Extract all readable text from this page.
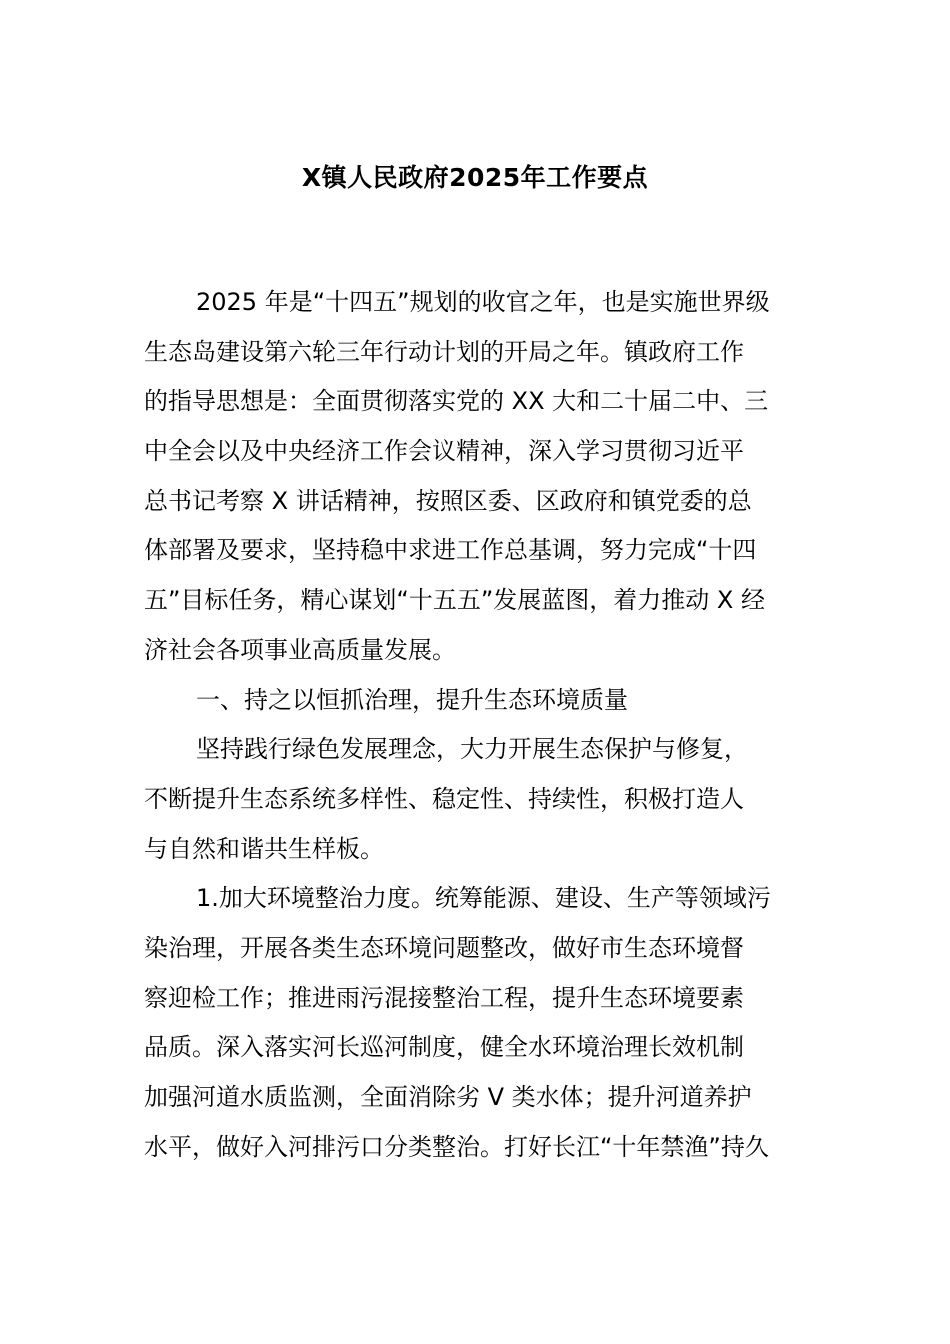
X镇人民政府2025年工作要点
2025 年是“十四五”规划的收官之年，也是实施世界级
生态岛建设第六轮三年行动计划的开局之年。镇政府工作
的指导思想是：全面贯彻落实党的 XX 大和二十届二中、三
中全会以及中央经济工作会议精神，深入学习贯彻习近平
总书记考察 X 讲话精神，按照区委、区政府和镇党委的总
体部署及要求，坚持稳中求进工作总基调，努力完成“十四
五”目标任务，精心谋划“十五五”发展蓝图，着力推动 X 经
济社会各项事业高质量发展。
一、持之以恒抓治理，提升生态环境质量
坚持践行绿色发展理念，大力开展生态保护与修复，
不断提升生态系统多样性、稳定性、持续性，积极打造人
与自然和谐共生样板。
1.加大环境整治力度。统筹能源、建设、生产等领域污
染治理，开展各类生态环境问题整改，做好市生态环境督
察迎检工作；推进雨污混接整治工程，提升生态环境要素
品质。深入落实河长巡河制度，健全水环境治理长效机制
加强河道水质监测，全面消除劣 V 类水体；提升河道养护
水平，做好入河排污口分类整治。打好长江“十年禁渔”持久
